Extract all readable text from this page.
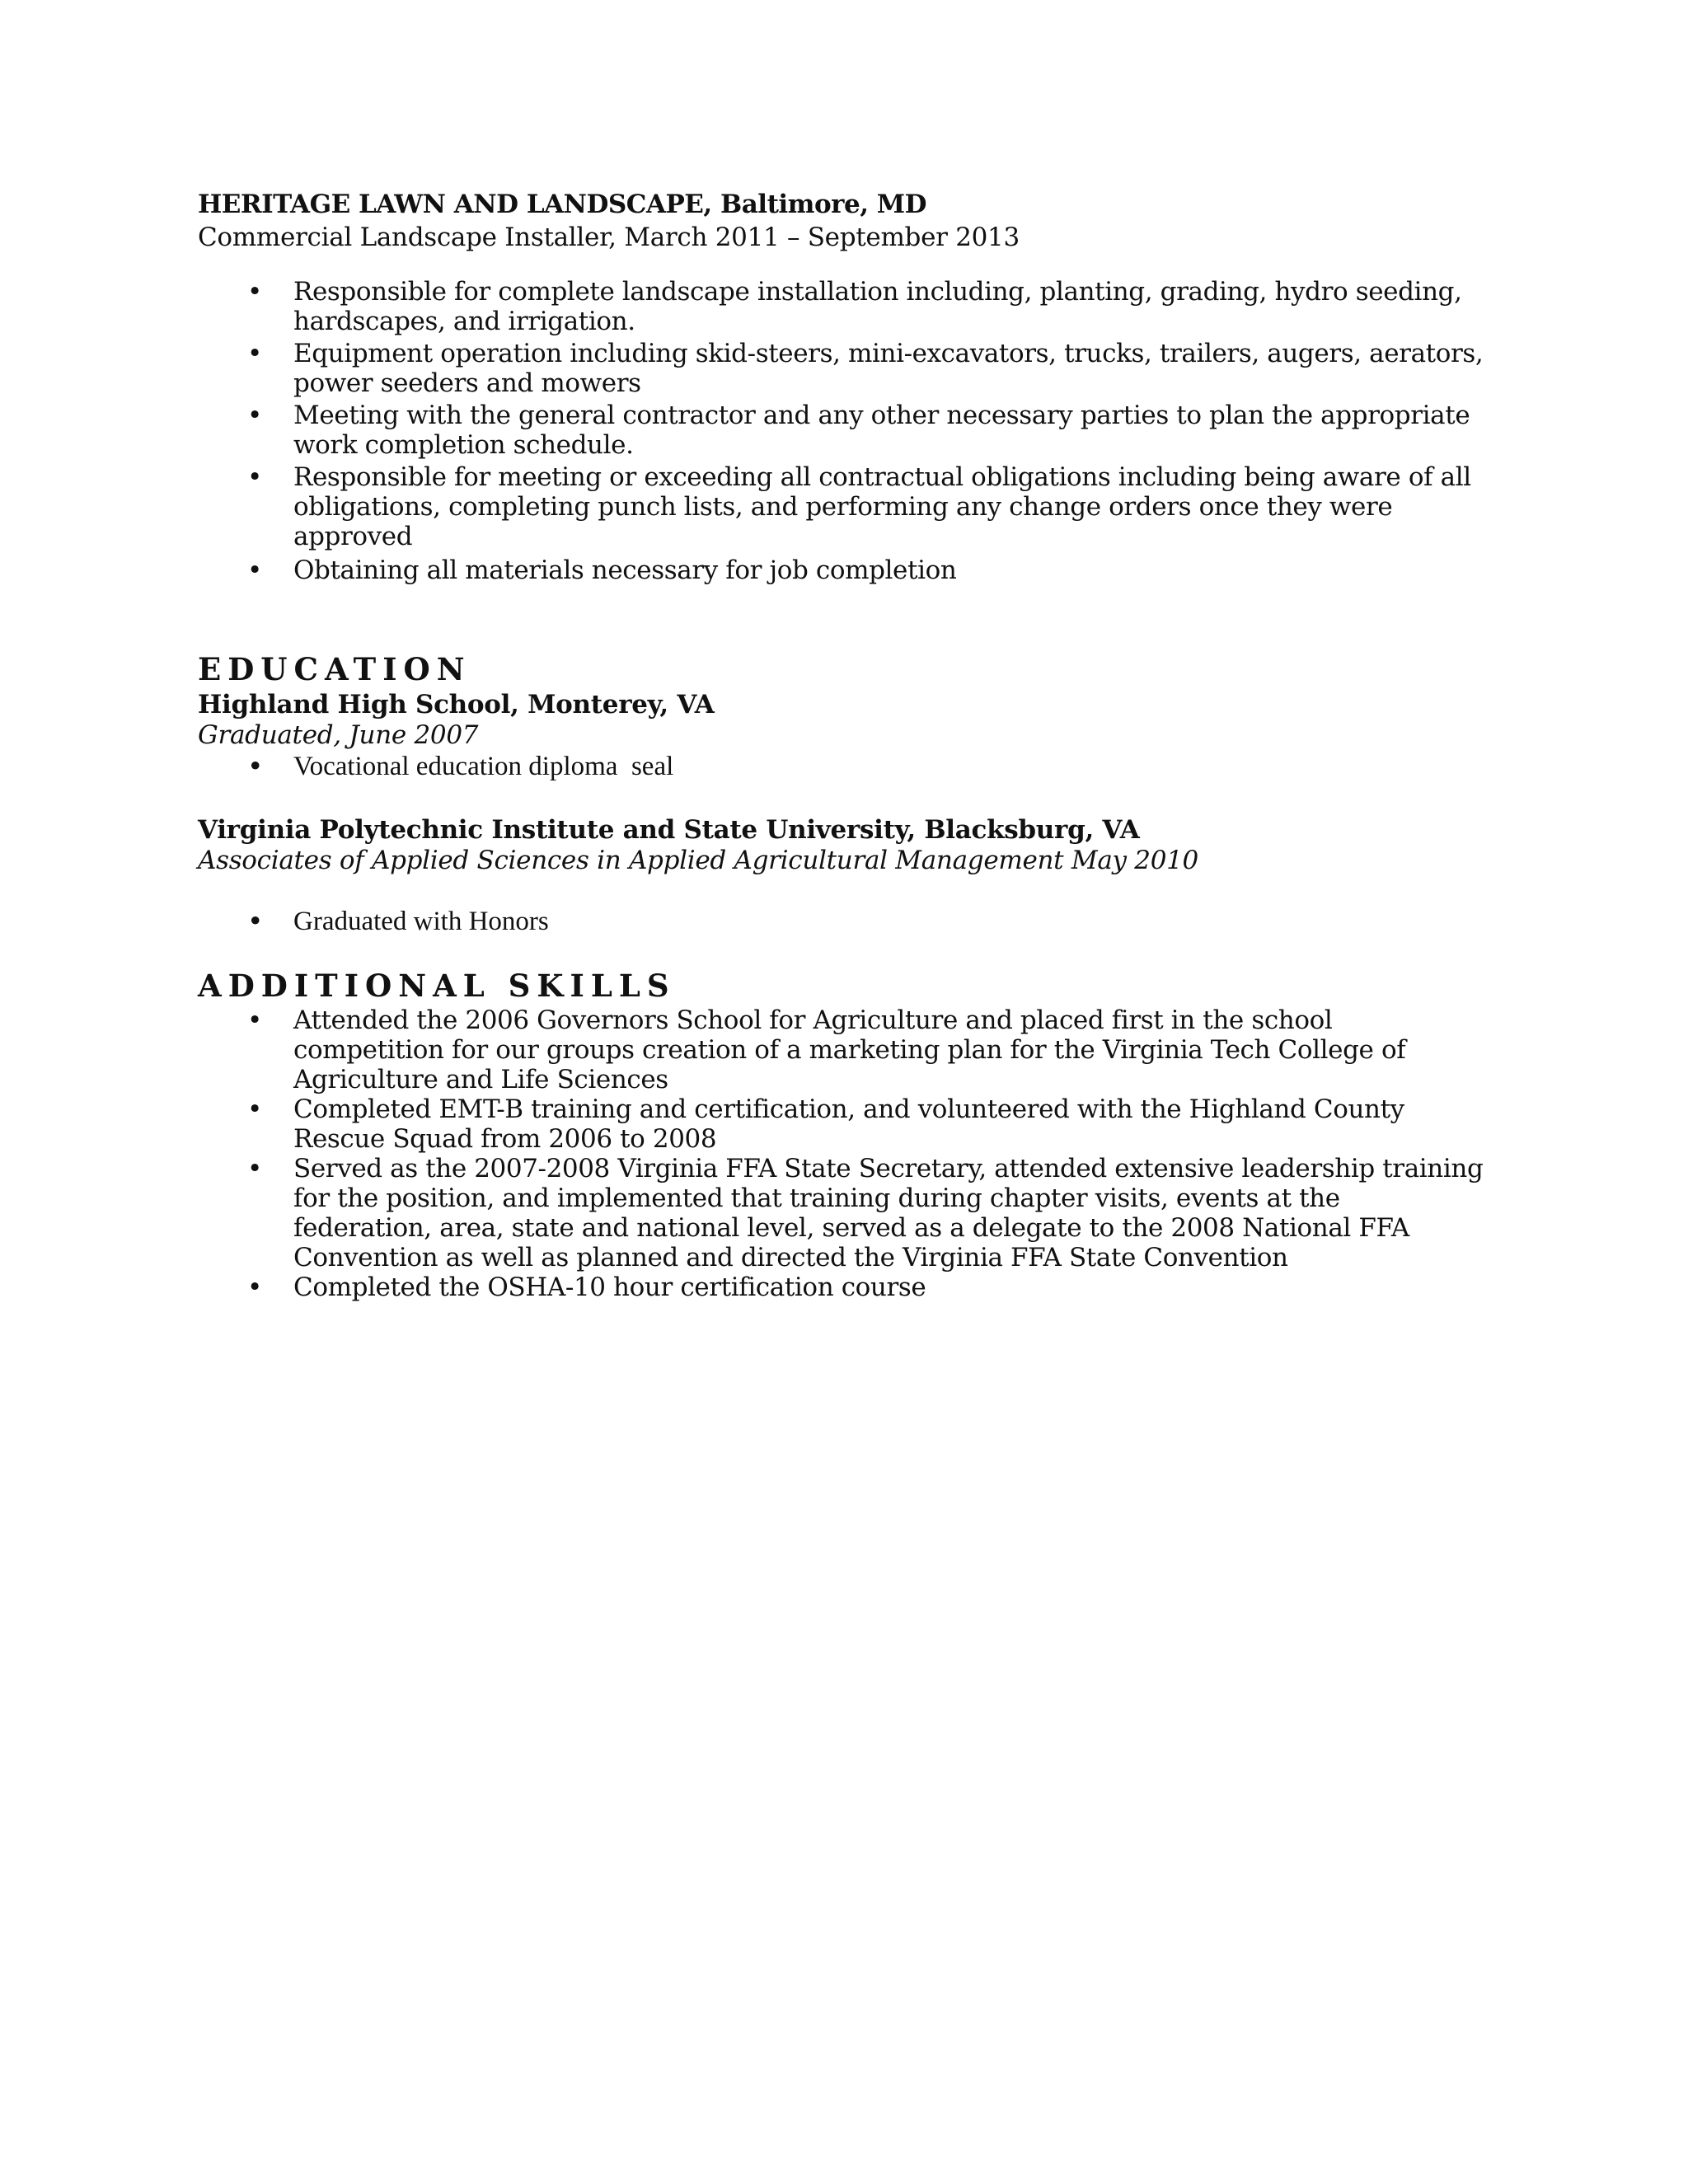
HERITAGE LAWN AND LANDSCAPE, Baltimore, MD

Commercial Landscape Installer, March 2011 – September 2013

• Responsible for complete landscape installation including, planting, grading, hydro seeding, hardscapes, and irrigation.
• Equipment operation including skid-steers, mini-excavators, trucks, trailers, augers, aerators, power seeders and mowers
• Meeting with the general contractor and any other necessary parties to plan the appropriate work completion schedule.
• Responsible for meeting or exceeding all contractual obligations including being aware of all obligations, completing punch lists, and performing any change orders once they were approved
• Obtaining all materials necessary for job completion
EDUCATION

Highland High School, Monterey, VA

Graduated, June 2007

• Vocational education diploma  seal

Virginia Polytechnic Institute and State University, Blacksburg, VA

Associates of Applied Sciences in Applied Agricultural Management May 2010

• Graduated with Honors
ADDITIONAL SKILLS
• Attended the 2006 Governors School for Agriculture and placed first in the school competition for our groups creation of a marketing plan for the Virginia Tech College of Agriculture and Life Sciences
• Completed EMT-B training and certification, and volunteered with the Highland County Rescue Squad from 2006 to 2008
• Served as the 2007-2008 Virginia FFA State Secretary, attended extensive leadership training for the position, and implemented that training during chapter visits, events at the federation, area, state and national level, served as a delegate to the 2008 National FFA Convention as well as planned and directed the Virginia FFA State Convention
• Completed the OSHA-10 hour certification course
